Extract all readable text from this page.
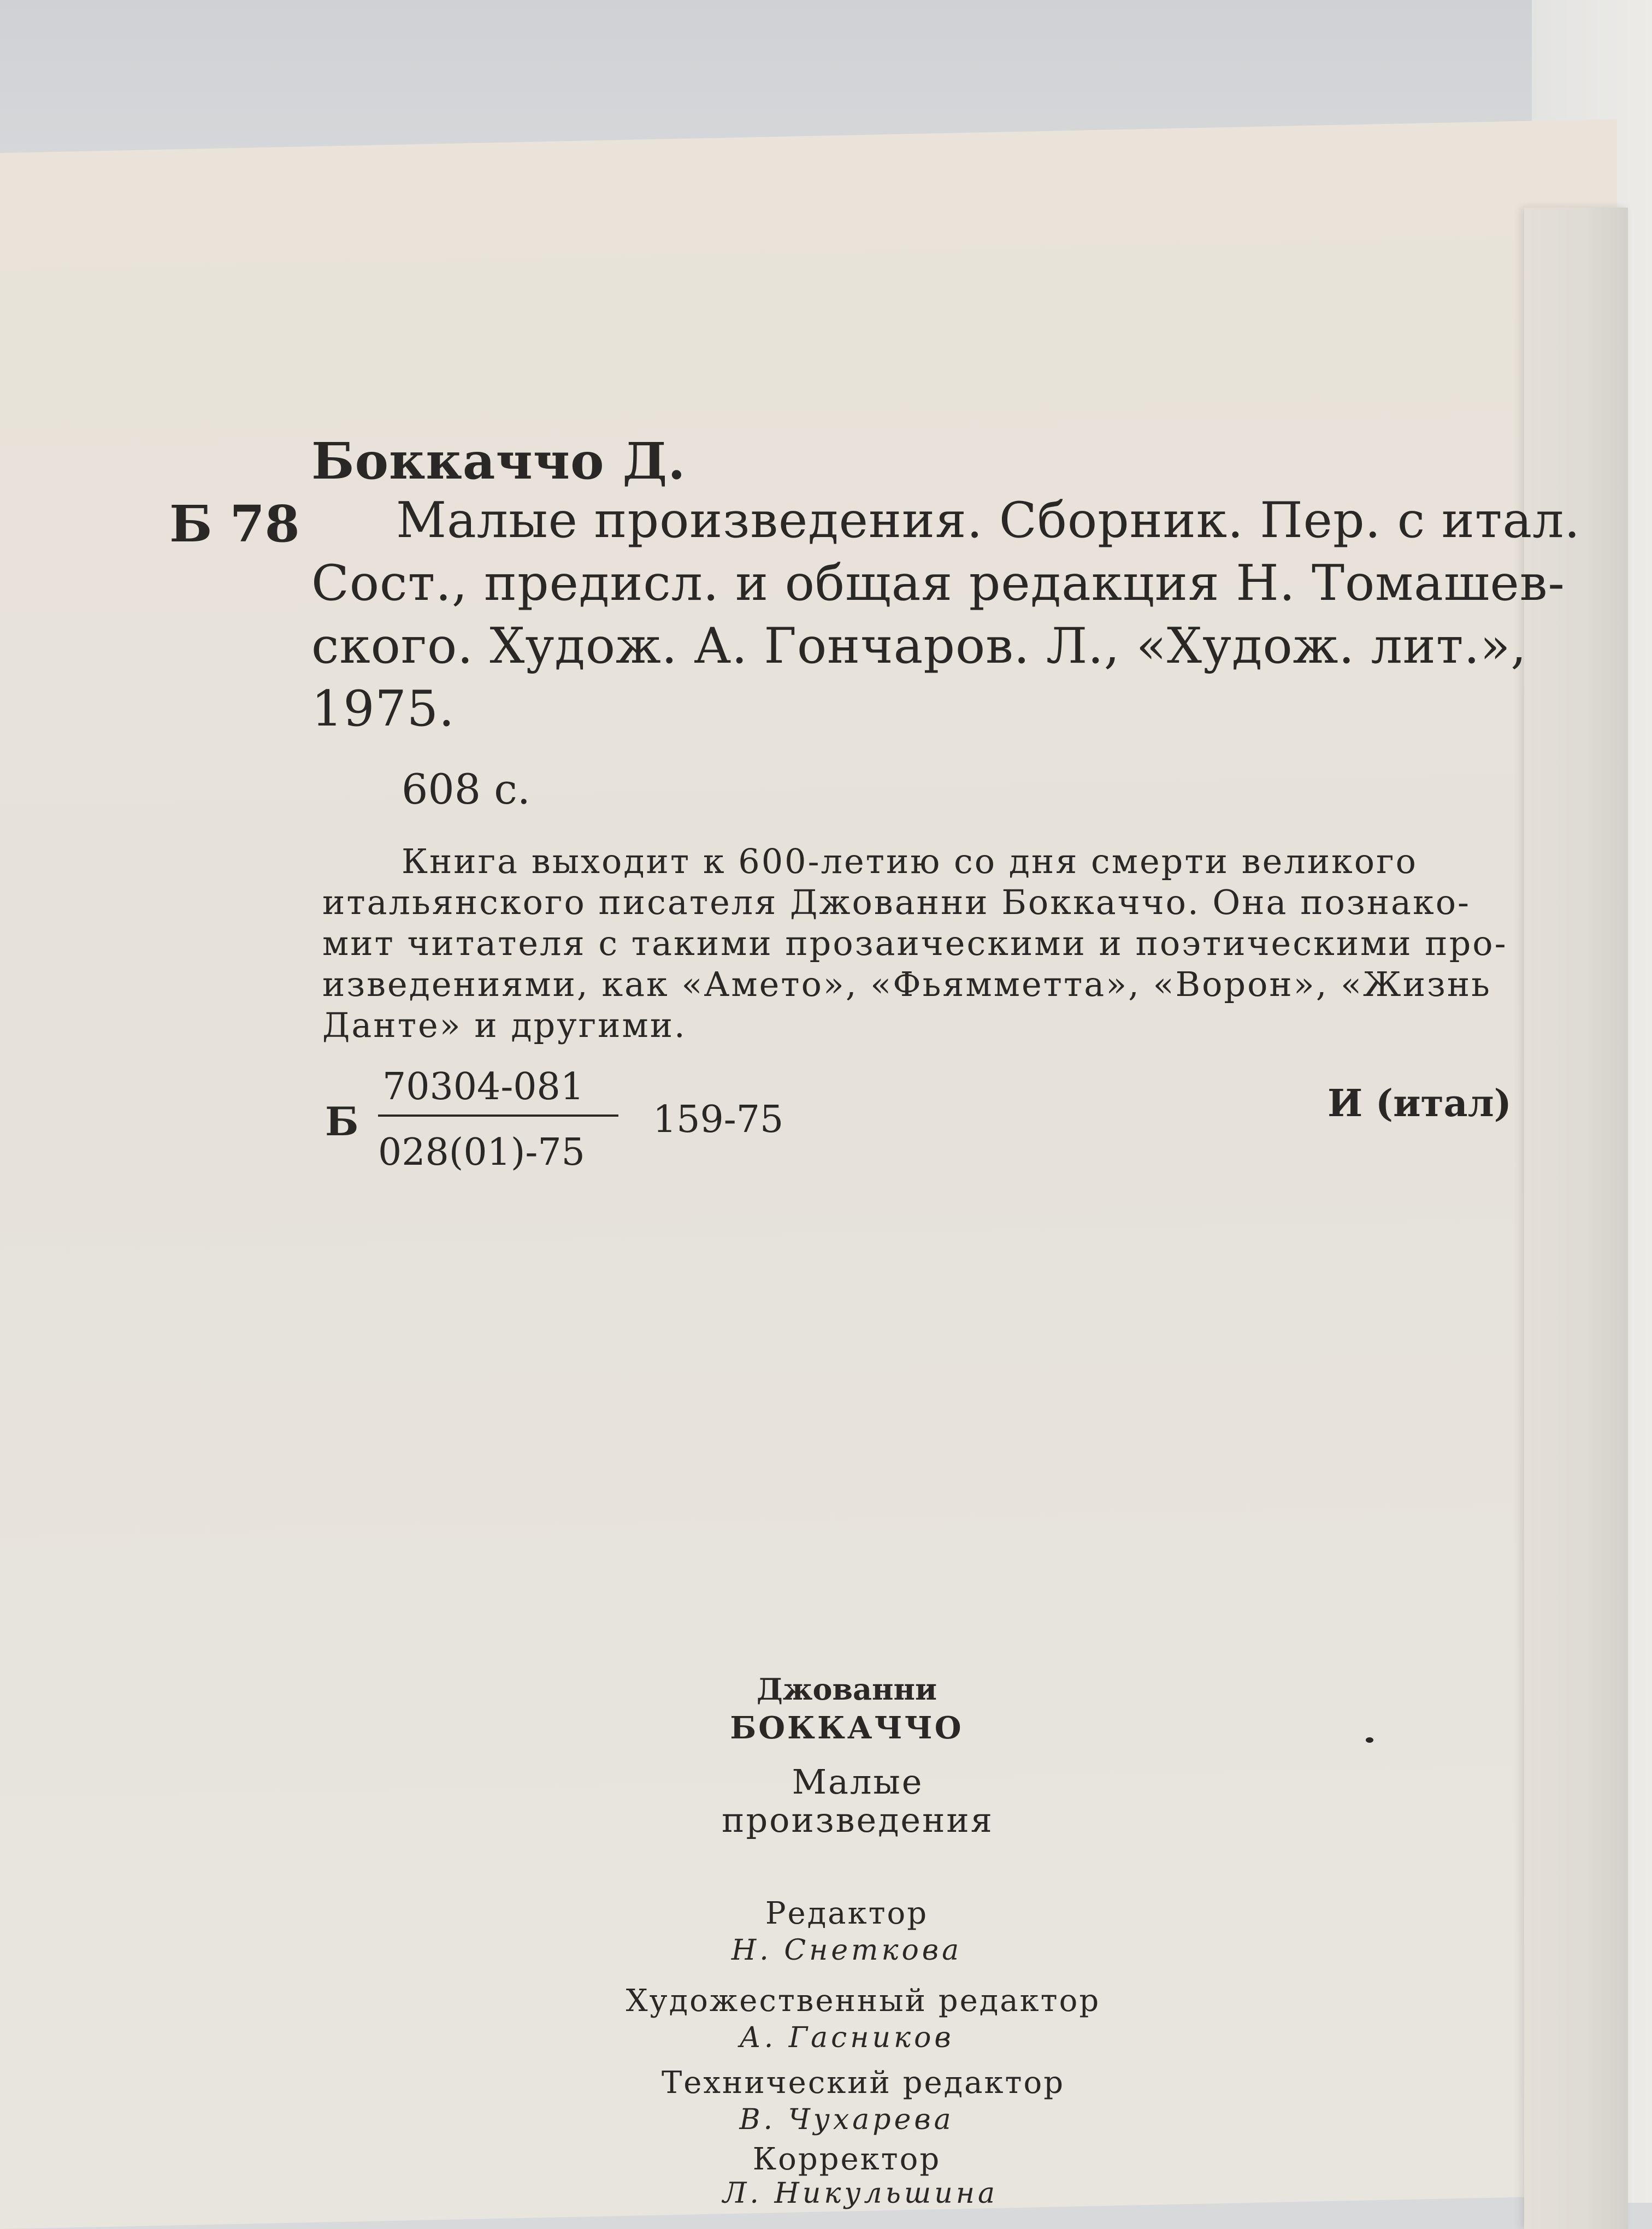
Боккаччо Д.
Б 78 Малые произведения. Сборник. Пер. с итал.
Сост., предисл. и общая редакция Н. Томашев-
ского. Худож. А. Гончаров. Л., «Худож. лит.»,
1975.
608 с.
Книга выходит к 600-летию со дня смерти великого
итальянского писателя Джованни Боккаччо. Она познако-
мит читателя с такими прозаическими и поэтическими про-
изведениями, как «Амето», «Фьямметта», «Ворон», «Жизнь
Данте» и другими.
Б
70304-081
028(01)-75
159-75	И (итал)
Джованни
БОККАЧЧО
Малые
произведения
Редактор
Н. Снеткова
Художественный редактор
А. Гасников
Технический редактор
В. Чухарева
Корректор
Л. Никульшина
